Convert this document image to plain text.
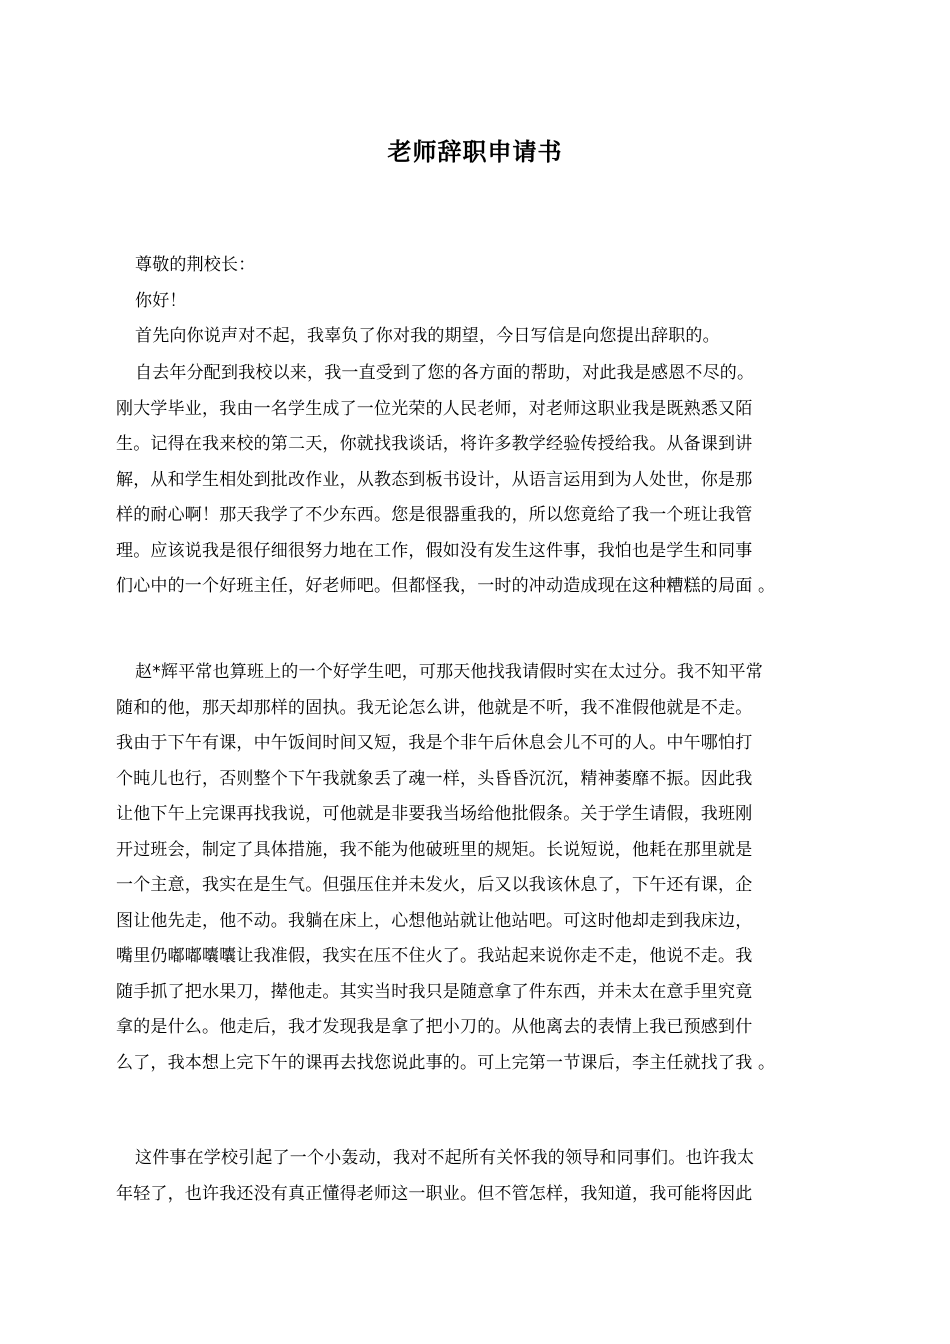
老师辞职申请书
尊敬的荆校长：
你好！
首先向你说声对不起，我辜负了你对我的期望，今日写信是向您提出辞职的。
自去年分配到我校以来，我一直受到了您的各方面的帮助，对此我是感恩不尽的。
刚大学毕业，我由一名学生成了一位光荣的人民老师，对老师这职业我是既熟悉又陌
生。记得在我来校的第二天，你就找我谈话，将许多教学经验传授给我。从备课到讲
解，从和学生相处到批改作业，从教态到板书设计，从语言运用到为人处世，你是那
样的耐心啊！那天我学了不少东西。您是很器重我的，所以您竟给了我一个班让我管
理。应该说我是很仔细很努力地在工作，假如没有发生这件事，我怕也是学生和同事
们心中的一个好班主任，好老师吧。但都怪我，一时的冲动造成现在这种糟糕的局面 。
赵*辉平常也算班上的一个好学生吧，可那天他找我请假时实在太过分。我不知平常
随和的他，那天却那样的固执。我无论怎么讲，他就是不听，我不准假他就是不走。
我由于下午有课，中午饭间时间又短，我是个非午后休息会儿不可的人。中午哪怕打
个盹儿也行，否则整个下午我就象丢了魂一样，头昏昏沉沉，精神萎靡不振。因此我
让他下午上完课再找我说，可他就是非要我当场给他批假条。关于学生请假，我班刚
开过班会，制定了具体措施，我不能为他破班里的规矩。长说短说，他耗在那里就是
一个主意，我实在是生气。但强压住并未发火，后又以我该休息了，下午还有课，企
图让他先走，他不动。我躺在床上，心想他站就让他站吧。可这时他却走到我床边，
嘴里仍嘟嘟囔囔让我准假，我实在压不住火了。我站起来说你走不走，他说不走。我
随手抓了把水果刀，撵他走。其实当时我只是随意拿了件东西，并未太在意手里究竟
拿的是什么。他走后，我才发现我是拿了把小刀的。从他离去的表情上我已预感到什
么了，我本想上完下午的课再去找您说此事的。可上完第一节课后，李主任就找了我 。
这件事在学校引起了一个小轰动，我对不起所有关怀我的领导和同事们。也许我太
年轻了，也许我还没有真正懂得老师这一职业。但不管怎样，我知道，我可能将因此
